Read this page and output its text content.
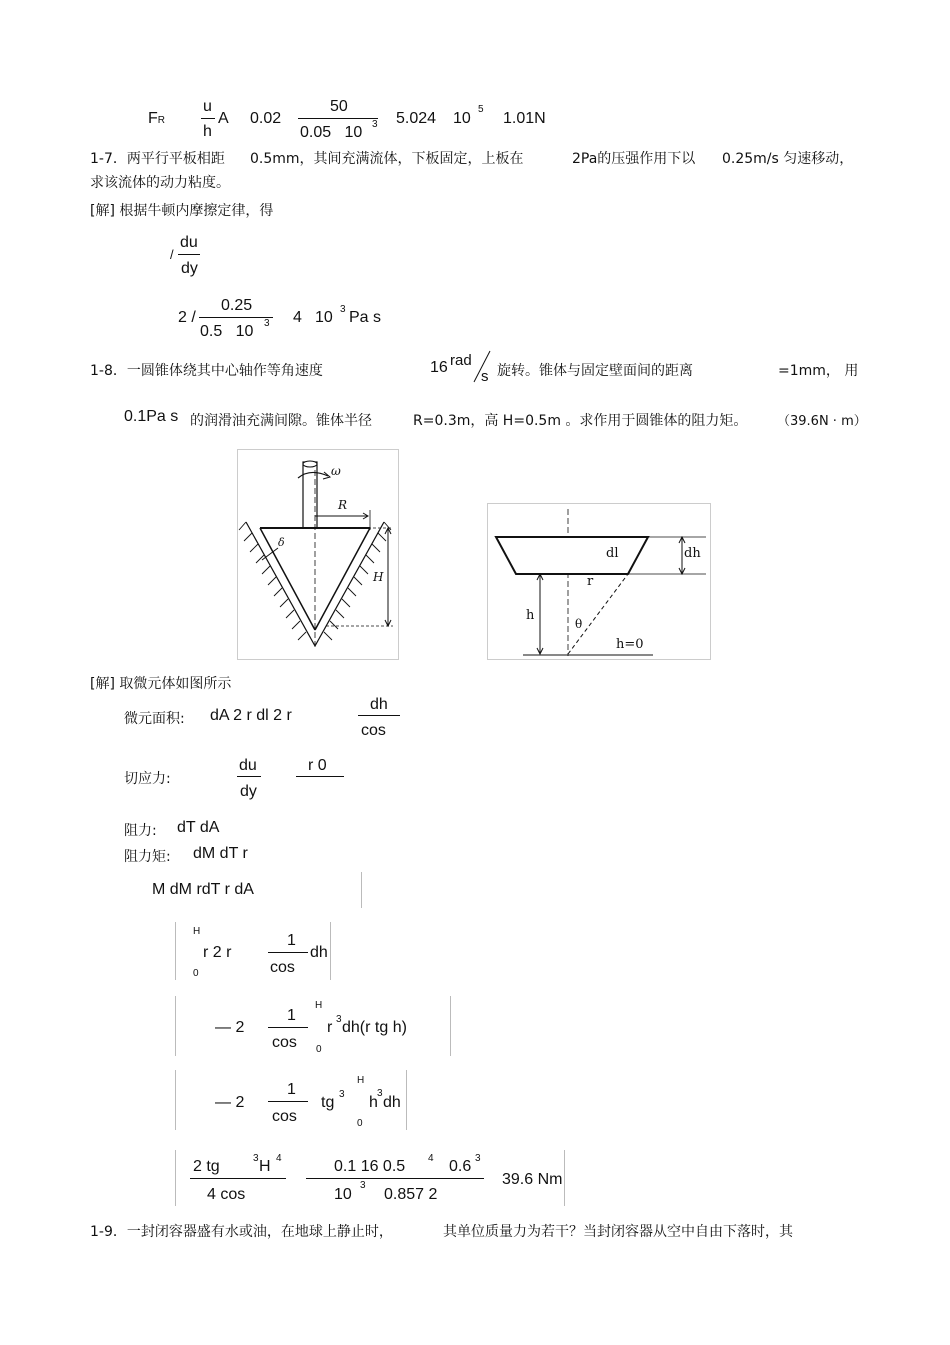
FR
u
h
A 0.02
50
0.05 10 3 5.024 10
5
1.01N
1-7．两平行平板相距 0.5mm，其间充满流体，下板固定，上板在	2Pa的压强作用下以 0.25m/s 匀速移动，
求该流体的动力粘度。
[解] 根据牛顿内摩擦定律，得
/
du
dy
2 /
0.25
0.5 10 3 4 10 3 Pa s
1-8．一圆锥体绕其中心轴作等角速度	16 rad
s 旋转。锥体与固定壁面间的距离	=1mm， 用
0.1Pa s 的润滑油充满间隙。锥体半径	R=0.3m，高 H=0.5m 。求作用于圆锥体的阻力矩。 （39.6N · m）
ω
R
H
δ
dl	dh
r
h
θ
h=0
[解] 取微元体如图所示
微元面积: dA 2 r dl 2 r
dh
cos
切应力:
du
dy
r 0
阻力: dT dA
阻力矩: dM dT r
M dM rdT r dA
H
0
r 2 r
1
cos
dh
— 2
1
cos
H
0
r 3 dh(r tg h)
— 2
1
cos
tg 3
H
0
h
3
dh
2 tg	3 H 4
4 cos
0.1 16 0.5 4 0.6 3
10
3
0.857 2
39.6 Nm
1-9．一封闭容器盛有水或油，在地球上静止时，	其单位质量力为若干？当封闭容器从空中自由下落时，其
